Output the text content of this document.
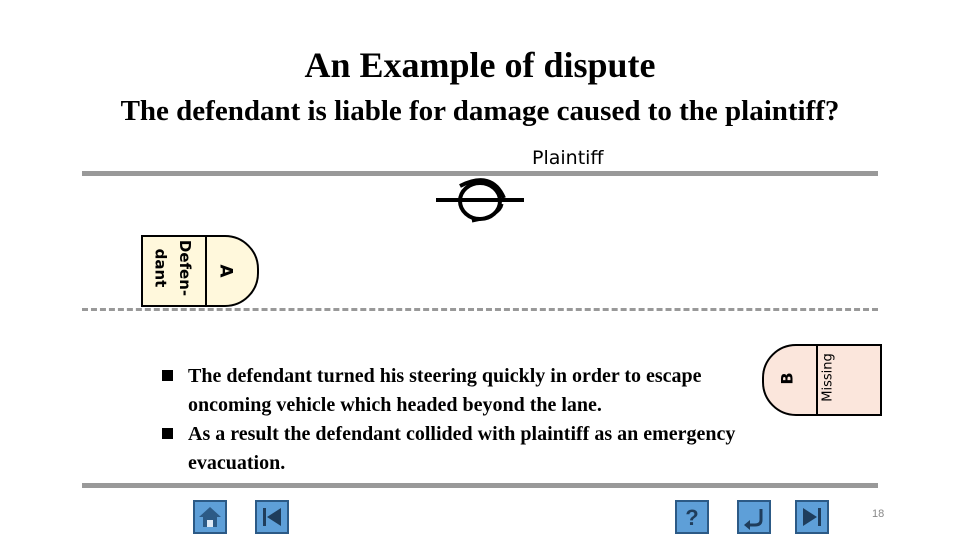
An Example of dispute
The defendant is liable for damage caused to the plaintiff?
Plaintiff
A
Defen-
dant
B Missing
The defendant turned his steering quickly in order to escape oncoming vehicle which headed beyond the lane.
As a result the defendant collided with plaintiff as an emergency evacuation.
?	18
